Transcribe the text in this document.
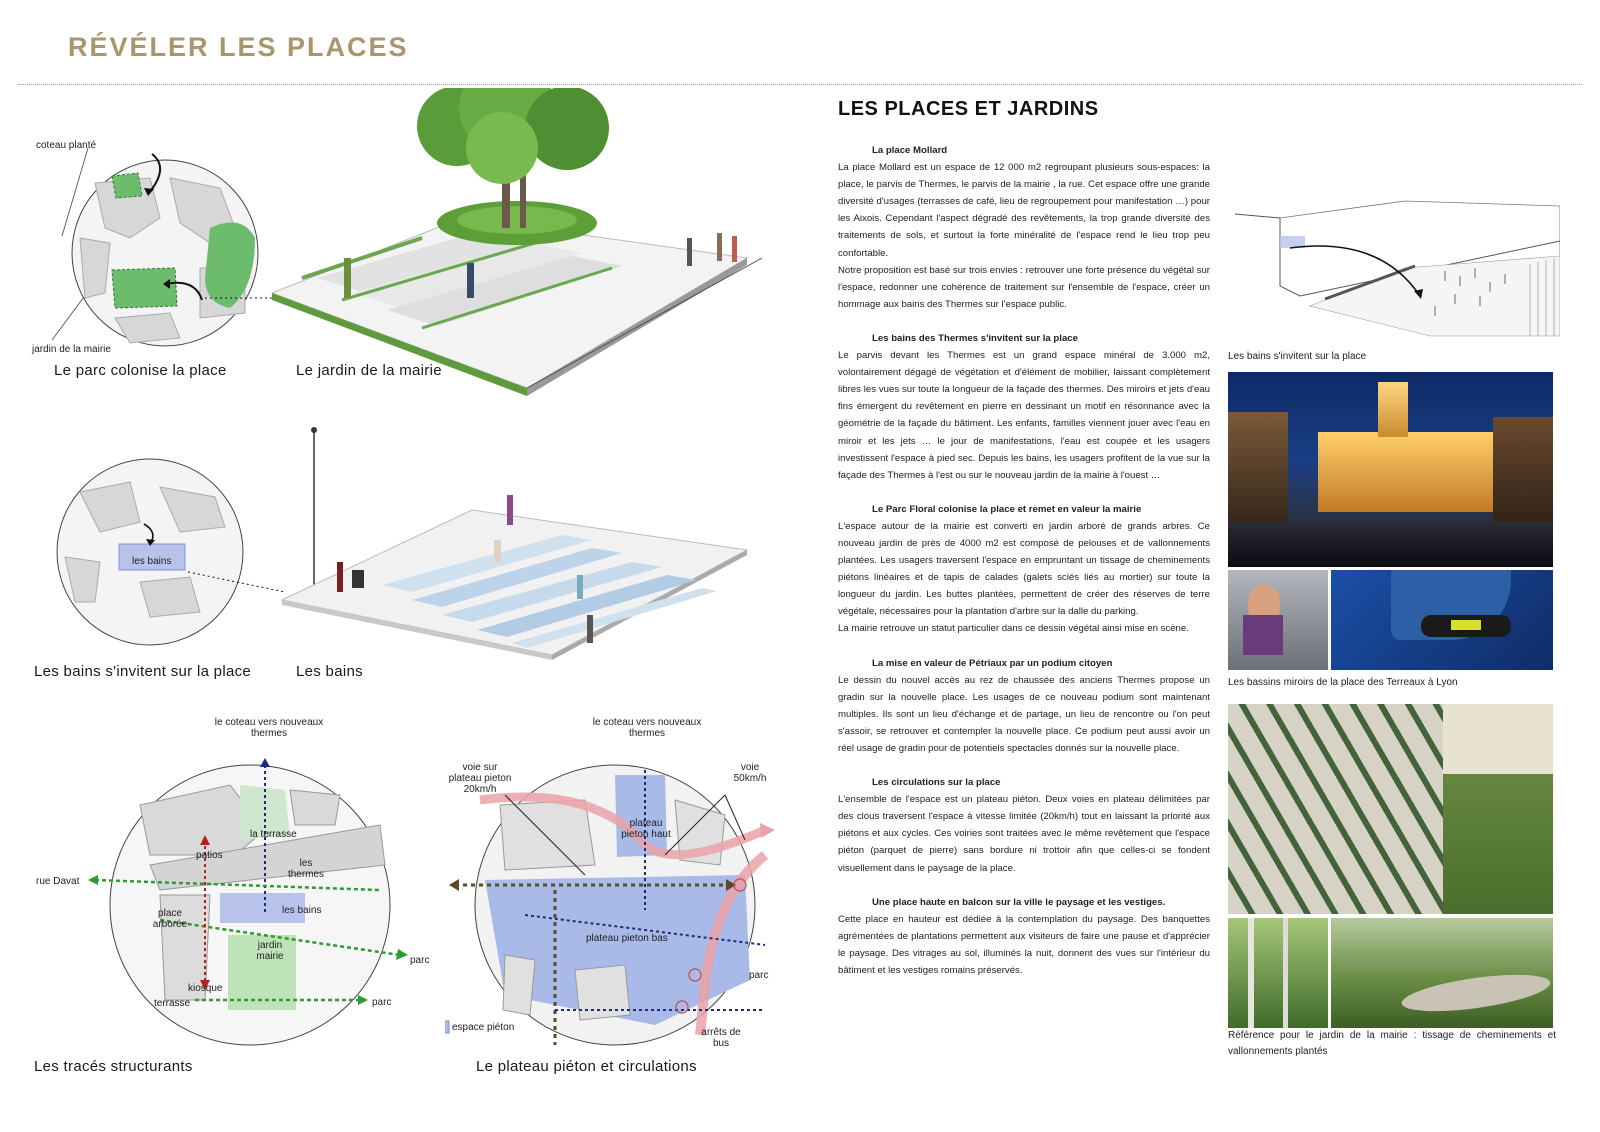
RÉVÉLER LES PLACES
coteau planté
jardin de la mairie
Le parc colonise la place	Le jardin de la mairie
les bains
Les bains s'invitent sur la place	Les bains
le coteau vers nouveaux thermes
la terrasse
patios
les thermes
rue Davat
les bains
place arborée
jardin mairie	parc
kiosque
terrasse	parc
Les tracés structurants
le coteau vers nouveaux thermes
voie sur plateau pieton 20km/h
voie 50km/h
plateau pieton haut
plateau pieton bas
parc
arrêts de bus
espace piéton
Le plateau piéton et circulations
LES PLACES ET JARDINS
La place Mollard
La place Mollard est un espace de 12 000 m2 regroupant plusieurs sous-espaces: la place, le parvis de Thermes, le parvis de la mairie , la rue. Cet espace offre une grande diversité d'usages (terrasses de café, lieu de regroupement pour manifestation …) pour les Aixois. Cependant l'aspect dégradé des revêtements, la trop grande diversité des traitements de sols, et surtout la forte minéralité de l'espace rend le lieu trop peu confortable.

Notre proposition est basé sur trois envies : retrouver une forte présence du végétal sur l'espace, redonner une cohérence de traitement sur l'ensemble de l'espace, créer un hommage aux bains des Thermes sur l'espace public.

Les bains des Thermes s'invitent sur la place

Le parvis devant les Thermes est un grand espace minéral de 3.000 m2, volontairement dégagé de végétation et d'élément de mobilier, laissant complètement libres les vues sur toute la longueur de la façade des thermes. Des miroirs et jets d'eau fins émergent du revêtement en pierre en dessinant un motif en résonnance avec la géométrie de la façade du bâtiment. Les enfants, familles viennent jouer avec l'eau en miroir et les jets … le jour de manifestations, l'eau est coupée et les usagers investissent l'espace à pied sec. Depuis les bains, les usagers profitent de la vue sur la façade des Thermes à l'est ou sur le nouveau jardin de la mairie à l'ouest …

Le Parc Floral colonise la place et remet en valeur la mairie
L'espace autour de la mairie est converti en jardin arboré de grands arbres. Ce nouveau jardin de près de 4000 m2 est composé de pelouses et de vallonnements plantées. Les usagers traversent l'espace en empruntant un tissage de cheminements piétons linéaires et de tapis de calades (galets sciés liés au mortier) sur toute la longueur du jardin. Les buttes plantées, permettent de créer des réserves de terre végétale, nécessaires pour la plantation d'arbre sur la dalle du parking.

La mairie retrouve un statut particulier dans ce dessin végétal ainsi mise en scène.

La mise en valeur de Pétriaux par un podium citoyen

Le dessin du nouvel accès au rez de chaussée des anciens Thermes propose un gradin sur la nouvelle place. Les usages de ce nouveau podium sont maintenant multiples. Ils sont un lieu d'échange et de partage, un lieu de rencontre ou l'on peut s'assoir, se retrouver et contempler la nouvelle place. Ce podium peut aussi avoir un réel usage de gradin pour de potentiels spectacles donnés sur la nouvelle place.

Les circulations sur la place

L'ensemble de l'espace est un plateau piéton. Deux voies en plateau délimitées par des clous traversent l'espace à vitesse limitée (20km/h) tout en laissant la priorité aux piétons et aux cycles. Ces voiries sont traitées avec le même revêtement que l'espace piéton (parquet de pierre) sans bordure ni trottoir afin que celles-ci se fondent visuellement dans le paysage de la place.

Une place haute en balcon sur la ville le paysage et les vestiges.

Cette place en hauteur est dédiée à la contemplation du paysage. Des banquettes agrémentées de plantations permettent aux visiteurs de faire une pause et d'apprécier le paysage. Des vitrages au sol, illuminés la nuit, donnent des vues sur l'intérieur du bâtiment et les vestiges romains préservés.

Les bains s'invitent sur la place
Les bassins miroirs de la place des Terreaux à Lyon
Référence pour le jardin de la mairie : tissage de cheminements et vallonnements plantés
